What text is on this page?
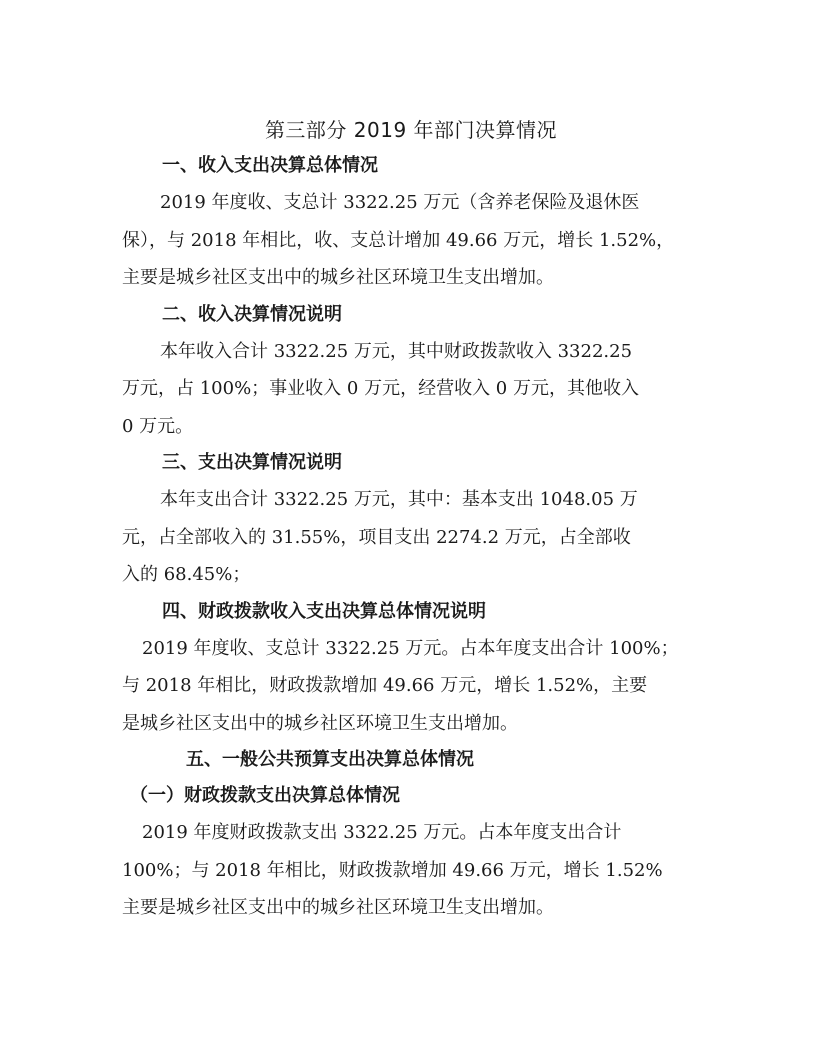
第三部分 2019 年部门决算情况
一、收入支出决算总体情况
2019 年度收、支总计 3322.25 万元（含养老保险及退休医
保），与 2018 年相比，收、支总计增加 49.66 万元，增长 1.52%，
主要是城乡社区支出中的城乡社区环境卫生支出增加。
二、收入决算情况说明
本年收入合计 3322.25 万元，其中财政拨款收入 3322.25
万元，占 100%；事业收入 0 万元，经营收入 0 万元，其他收入
0 万元。
三、支出决算情况说明
本年支出合计 3322.25 万元，其中：基本支出 1048.05 万
元，占全部收入的 31.55%，项目支出 2274.2 万元，占全部收
入的 68.45%；
四、财政拨款收入支出决算总体情况说明
2019 年度收、支总计 3322.25 万元。占本年度支出合计 100%；
与 2018 年相比，财政拨款增加 49.66 万元，增长 1.52%，主要
是城乡社区支出中的城乡社区环境卫生支出增加。
五、一般公共预算支出决算总体情况
（一）财政拨款支出决算总体情况
2019 年度财政拨款支出 3322.25 万元。占本年度支出合计
100%；与 2018 年相比，财政拨款增加 49.66 万元，增长 1.52%
主要是城乡社区支出中的城乡社区环境卫生支出增加。
